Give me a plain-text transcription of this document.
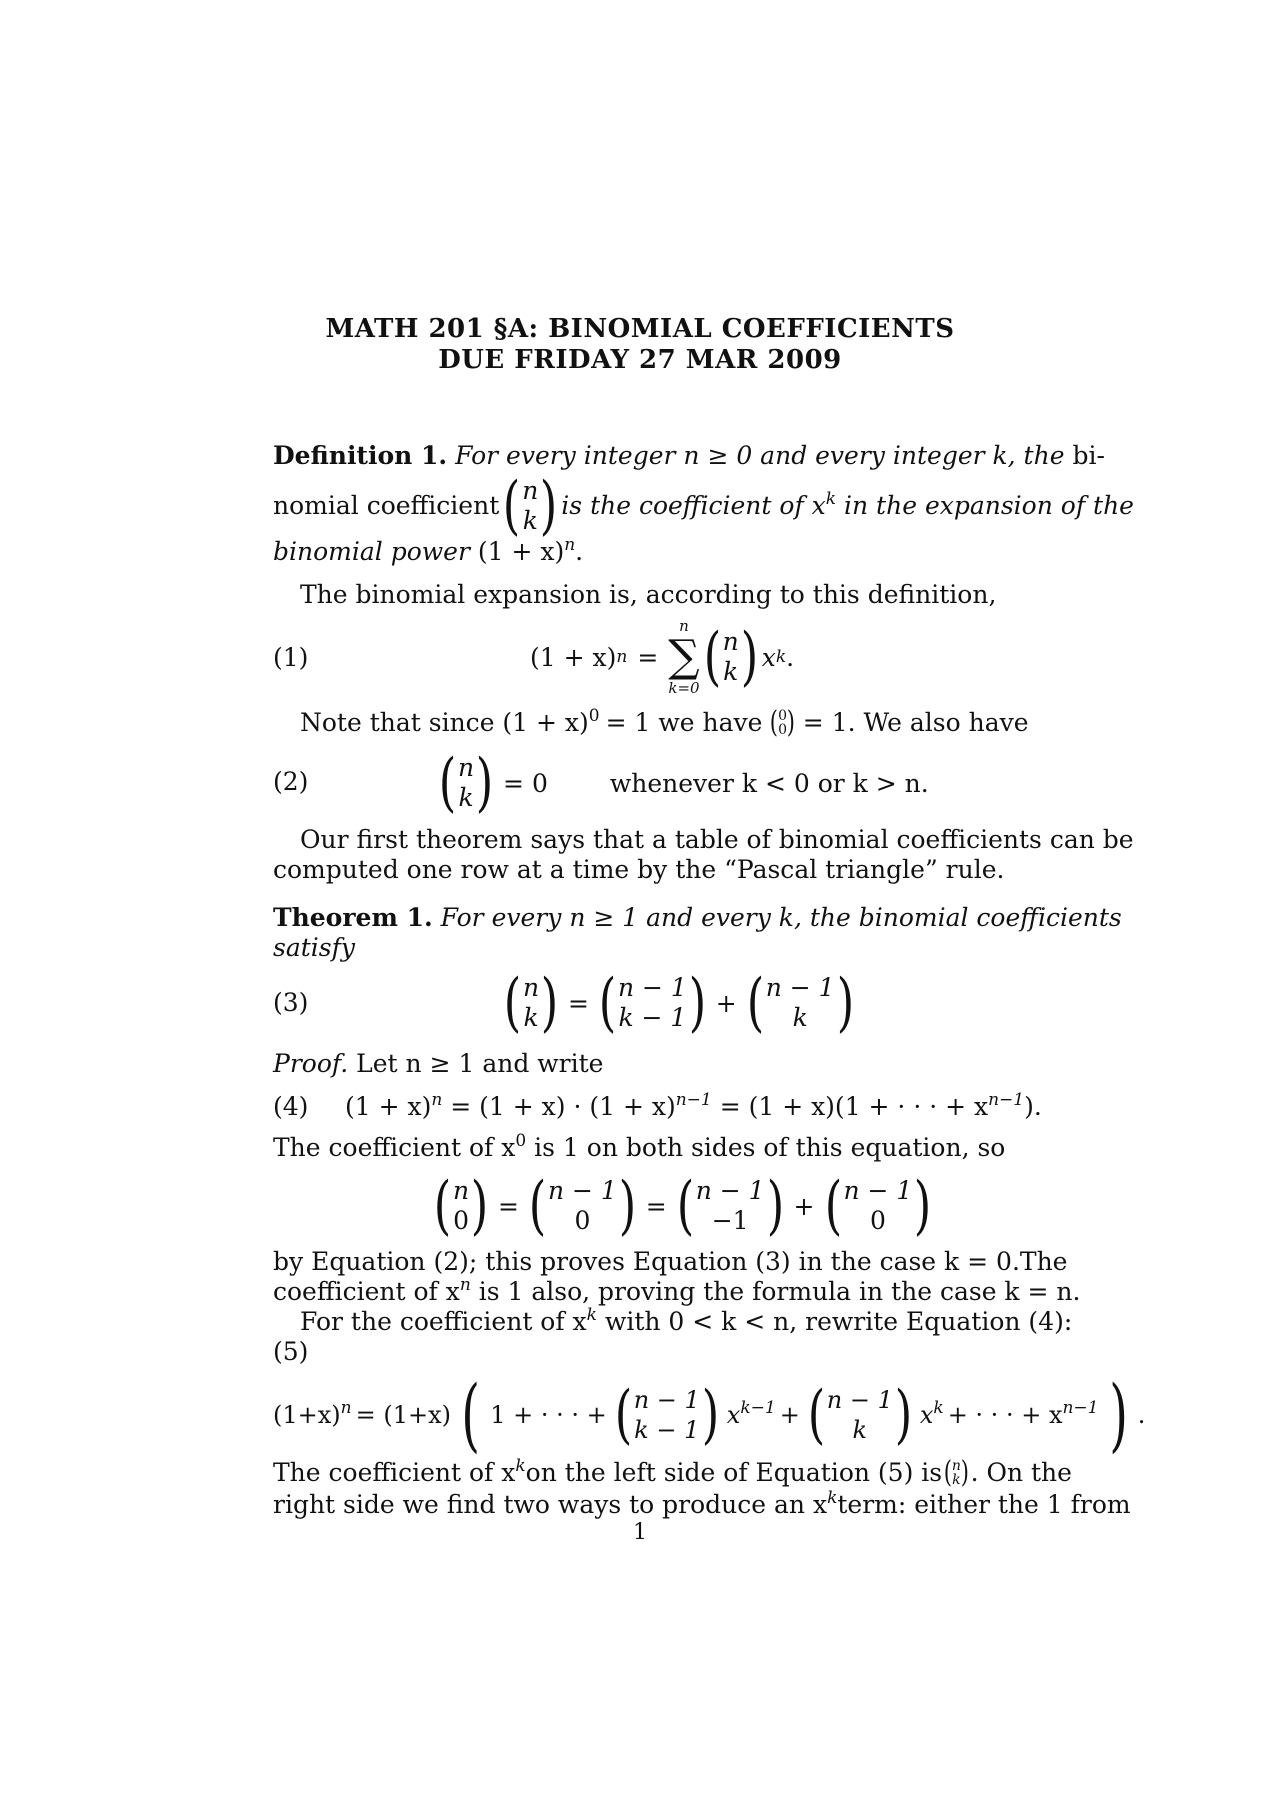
MATH 201 §A: BINOMIAL COEFFICIENTS
DUE FRIDAY 27 MAR 2009
Definition 1. For every integer n ≥ 0 and every integer k, the bi-
nomial coefficient ( n
k ) is the coefficient of $x^k$ in the expansion of the
binomial power $(1 + x)^n$.
The binomial expansion is, according to this definition,
(1)	(1 + x) n =
n
∑
k=0 ( n
k ) x k .
Note that since $(1 + x)^0 = 1$ we have ( 0
0 ) = 1. We also have
(2) ( n
k ) = 0 whenever k < 0 or k > n.
Our first theorem says that a table of binomial coefficients can be
computed one row at a time by the “Pascal triangle” rule.
Theorem 1. For every n ≥ 1 and every k, the binomial coefficients
satisfy
(3)	( n
k ) = ( n − 1
k − 1 ) + ( n − 1
k )
Proof. Let n ≥ 1 and write
(4) $(1 + x)^n = (1 + x) \cdot (1 + x)^{n-1} = (1 + x)(1$ + · · · + $x^{n-1}$).
The coefficient of $x^0$ is 1 on both sides of this equation, so
( n
0 ) = ( n − 1
0 ) = ( n − 1
−1 ) + ( n − 1
0 )
by Equation (2); this proves Equation (3) in the case k = 0. The
coefficient of $x^n$ is 1 also, proving the formula in the case k = n.
For the coefficient of $x^k$ with 0 < k < n, rewrite Equation (4):
(5)
$(1+x)^n = (1+x)$ ( 1 + · · · + ( n − 1
k − 1 ) $x^{k-1}$ + ( n − 1
k ) $x^k$ + · · · + $x^{n-1}$ ) .
The coefficient of $x^k$ on the left side of Equation (5) is ( n
k ) . On the
right side we find two ways to produce an $x^k$ term: either the 1 from
1
